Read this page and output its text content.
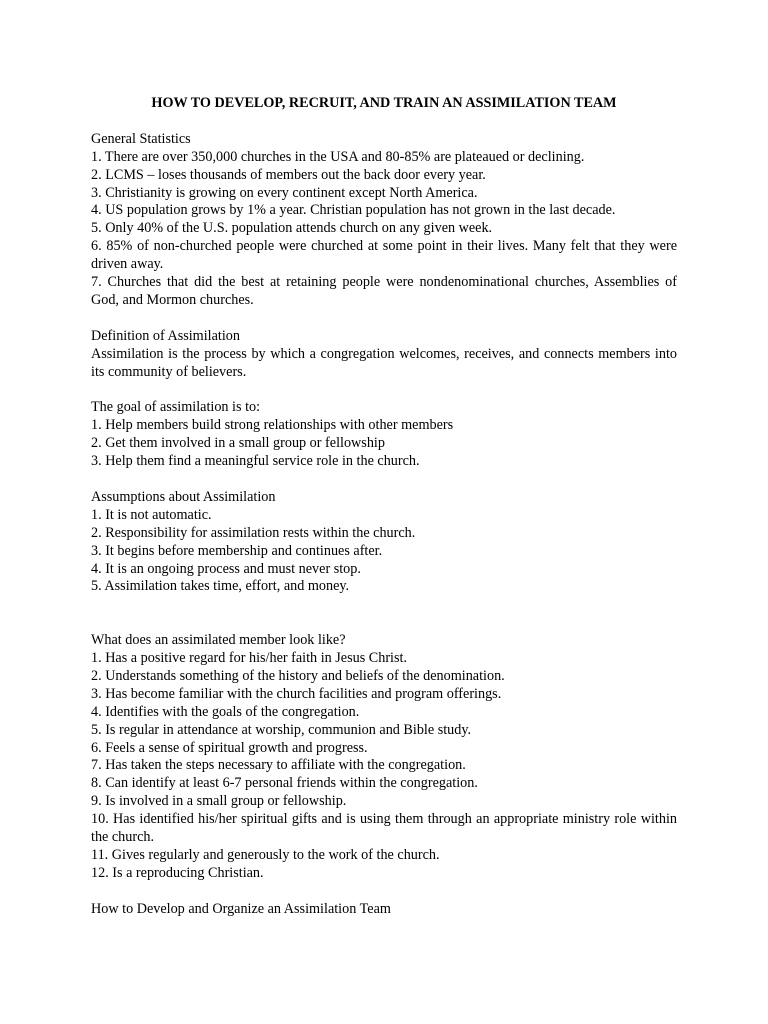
HOW TO DEVELOP, RECRUIT, AND TRAIN AN ASSIMILATION TEAM
General Statistics
1. There are over 350,000 churches in the USA and 80-85% are plateaued or declining.
2. LCMS – loses thousands of members out the back door every year.
3. Christianity is growing on every continent except North America.
4. US population grows by 1% a year. Christian population has not grown in the last decade.
5. Only 40% of the U.S. population attends church on any given week.
6. 85% of non-churched people were churched at some point in their lives. Many felt that they were driven away.
7. Churches that did the best at retaining people were nondenominational churches, Assemblies of God, and Mormon churches.
Definition of Assimilation
Assimilation is the process by which a congregation welcomes, receives, and connects members into its community of believers.
The goal of assimilation is to:
1. Help members build strong relationships with other members
2. Get them involved in a small group or fellowship
3. Help them find a meaningful service role in the church.
Assumptions about Assimilation
1. It is not automatic.
2. Responsibility for assimilation rests within the church.
3. It begins before membership and continues after.
4. It is an ongoing process and must never stop.
5. Assimilation takes time, effort, and money.
What does an assimilated member look like?
1. Has a positive regard for his/her faith in Jesus Christ.
2. Understands something of the history and beliefs of the denomination.
3. Has become familiar with the church facilities and program offerings.
4. Identifies with the goals of the congregation.
5. Is regular in attendance at worship, communion and Bible study.
6. Feels a sense of spiritual growth and progress.
7. Has taken the steps necessary to affiliate with the congregation.
8. Can identify at least 6-7 personal friends within the congregation.
9. Is involved in a small group or fellowship.
10. Has identified his/her spiritual gifts and is using them through an appropriate ministry role within the church.
11. Gives regularly and generously to the work of the church.
12. Is a reproducing Christian.
How to Develop and Organize an Assimilation Team
